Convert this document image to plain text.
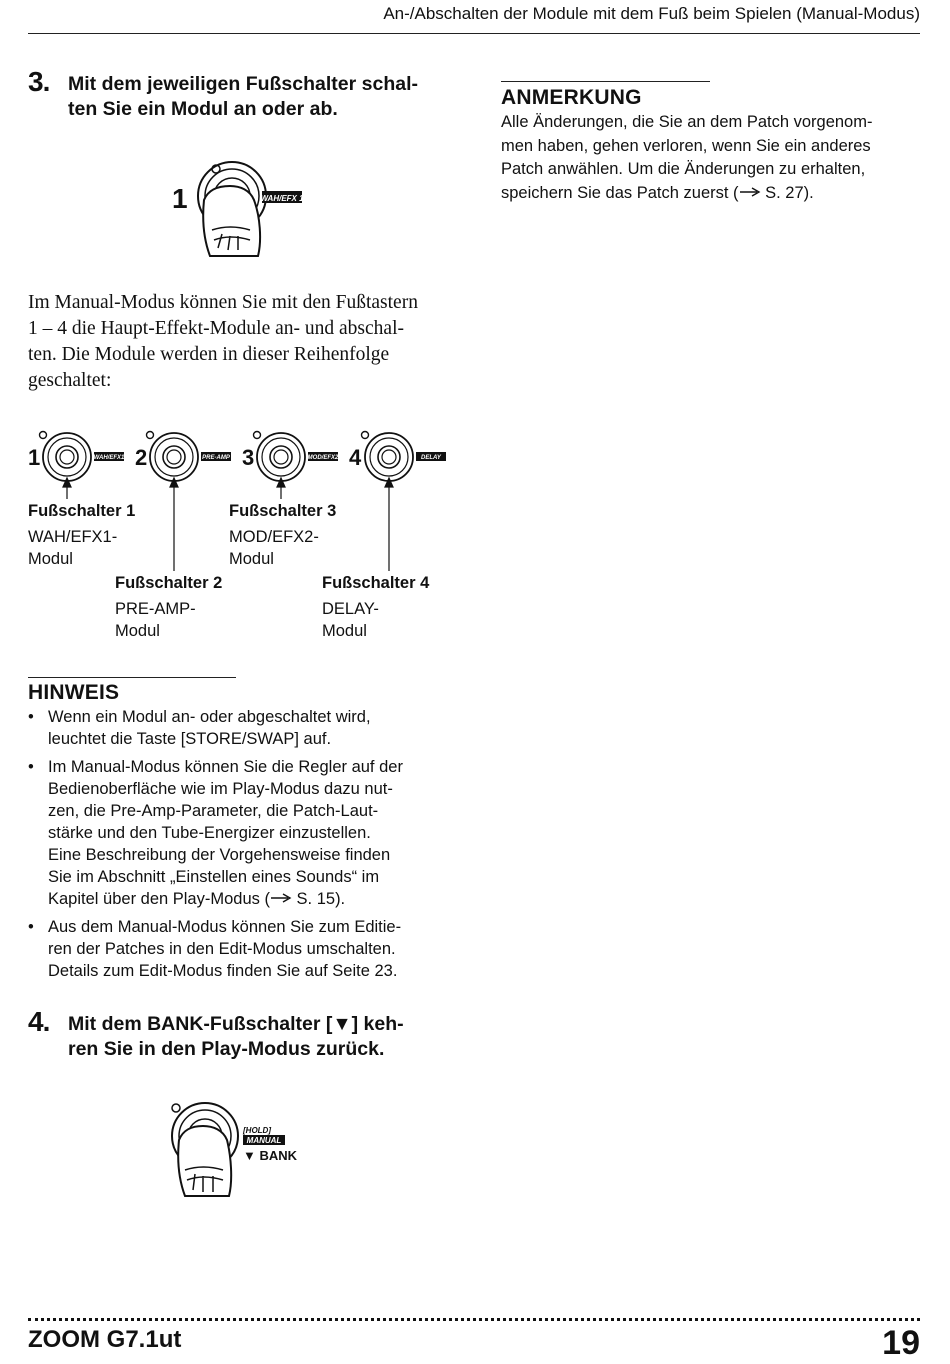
An-/Abschalten der Module mit dem Fuß beim Spielen (Manual-Modus)
3. Mit dem jeweiligen Fußschalter schal-
ten Sie ein Modul an oder ab.
1	WAH/EFX 1
ANMERKUNG
Alle Änderungen, die Sie an dem Patch vorgenom-
men haben, gehen verloren, wenn Sie ein anderes
Patch anwählen. Um die Änderungen zu erhalten,
speichern Sie das Patch zuerst ( S. 27).
Im Manual-Modus können Sie mit den Fußtastern
1 – 4 die Haupt-Effekt-Module an- und abschal-
ten. Die Module werden in dieser Reihenfolge
geschaltet:
1	WAH/EFX1 2	PRE-AMP 3	MOD/EFX2 4	DELAY
Fußschalter 1
WAH/EFX1-
Modul
Fußschalter 3
MOD/EFX2-
Modul
Fußschalter 2
PRE-AMP-
Modul
Fußschalter 4
DELAY-
Modul
HINWEIS
• Wenn ein Modul an- oder abgeschaltet wird,
leuchtet die Taste [STORE/SWAP] auf.
• Im Manual-Modus können Sie die Regler auf der
Bedienoberfläche wie im Play-Modus dazu nut-
zen, die Pre-Amp-Parameter, die Patch-Laut-
stärke und den Tube-Energizer einzustellen.
Eine Beschreibung der Vorgehensweise finden
Sie im Abschnitt „Einstellen eines Sounds“ im
Kapitel über den Play-Modus ( S. 15).
• Aus dem Manual-Modus können Sie zum Editie-
ren der Patches in den Edit-Modus umschalten.
Details zum Edit-Modus finden Sie auf Seite 23.
4. Mit dem BANK-Fußschalter [▼] keh-
ren Sie in den Play-Modus zurück.
[HOLD]
MANUAL
▼ BANK
ZOOM G7.1ut	19
